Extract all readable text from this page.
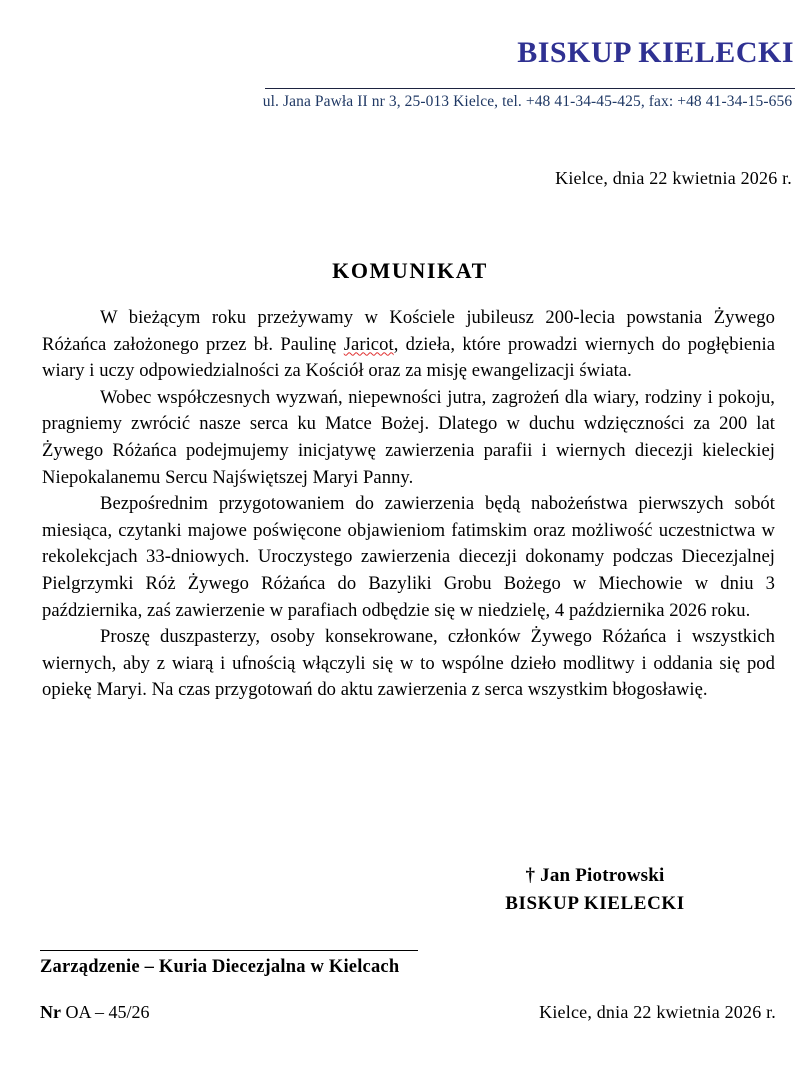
BISKUP KIELECKI
ul. Jana Pawła II nr 3, 25-013 Kielce, tel. +48 41-34-45-425, fax: +48 41-34-15-656
Kielce, dnia 22 kwietnia 2026 r.
KOMUNIKAT

W bieżącym roku przeżywamy w Kościele jubileusz 200-lecia powstania Żywego Różańca założonego przez bł. Paulinę Jaricot, dzieła, które prowadzi wiernych do pogłębienia wiary i uczy odpowiedzialności za Kościół oraz za misję ewangelizacji świata.

Wobec współczesnych wyzwań, niepewności jutra, zagrożeń dla wiary, rodziny i pokoju, pragniemy zwrócić nasze serca ku Matce Bożej. Dlatego w duchu wdzięczności za 200 lat Żywego Różańca podejmujemy inicjatywę zawierzenia parafii i wiernych diecezji kieleckiej Niepokalanemu Sercu Najświętszej Maryi Panny.

Bezpośrednim przygotowaniem do zawierzenia będą nabożeństwa pierwszych sobót miesiąca, czytanki majowe poświęcone objawieniom fatimskim oraz możliwość uczestnictwa w rekolekcjach 33-dniowych. Uroczystego zawierzenia diecezji dokonamy podczas Diecezjalnej Pielgrzymki Róż Żywego Różańca do Bazyliki Grobu Bożego w Miechowie w dniu 3 października, zaś zawierzenie w parafiach odbędzie się w niedzielę, 4 października 2026 roku.

Proszę duszpasterzy, osoby konsekrowane, członków Żywego Różańca i wszystkich wiernych, aby z wiarą i ufnością włączyli się w to wspólne dzieło modlitwy i oddania się pod opiekę Maryi. Na czas przygotowań do aktu zawierzenia z serca wszystkim błogosławię.

† Jan Piotrowski
BISKUP KIELECKI
Zarządzenie – Kuria Diecezjalna w Kielcach
Nr OA – 45/26	Kielce, dnia 22 kwietnia 2026 r.
